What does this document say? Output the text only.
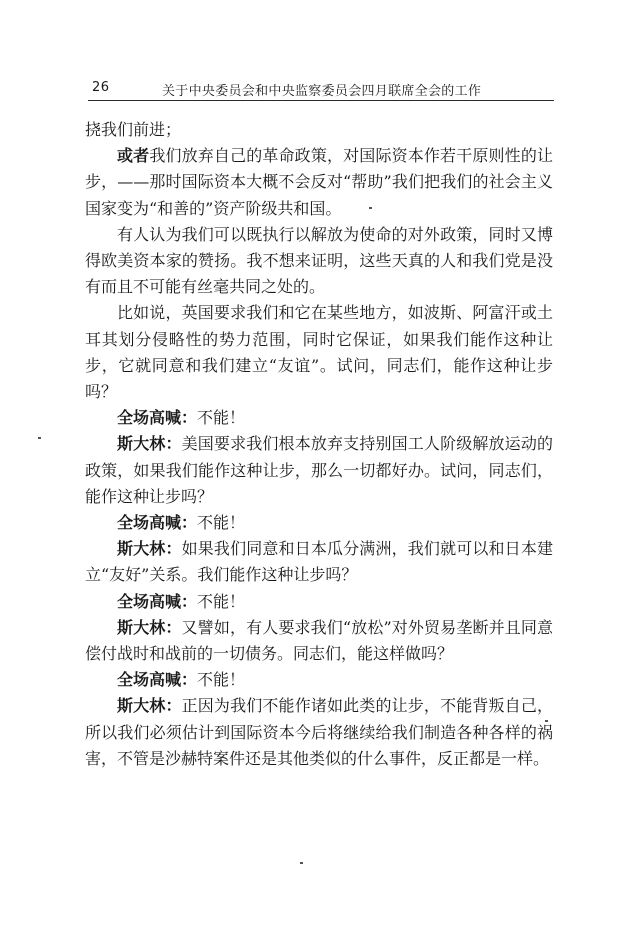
26	关于中央委员会和中央监察委员会四月联席全会的工作

挠我们前进；

或者我们放弃自己的革命政策，对国际资本作若干原则性的让步，——那时国际资本大概不会反对“帮助”我们把我们的社会主义国家变为“和善的”资产阶级共和国。

有人认为我们可以既执行以解放为使命的对外政策，同时又博得欧美资本家的赞扬。我不想来证明，这些天真的人和我们党是没有而且不可能有丝毫共同之处的。

比如说，英国要求我们和它在某些地方，如波斯、阿富汗或土耳其划分侵略性的势力范围，同时它保证，如果我们能作这种让步，它就同意和我们建立“友谊”。试问，同志们，能作这种让步吗？

全场高喊：不能！

斯大林：美国要求我们根本放弃支持别国工人阶级解放运动的政策，如果我们能作这种让步，那么一切都好办。试问，同志们，能作这种让步吗？

全场高喊：不能！

斯大林：如果我们同意和日本瓜分满洲，我们就可以和日本建立“友好”关系。我们能作这种让步吗？

全场高喊：不能！

斯大林：又譬如，有人要求我们“放松”对外贸易垄断并且同意偿付战时和战前的一切债务。同志们，能这样做吗？

全场高喊：不能！

斯大林：正因为我们不能作诸如此类的让步，不能背叛自己，所以我们必须估计到国际资本今后将继续给我们制造各种各样的祸害，不管是沙赫特案件还是其他类似的什么事件，反正都是一样。
